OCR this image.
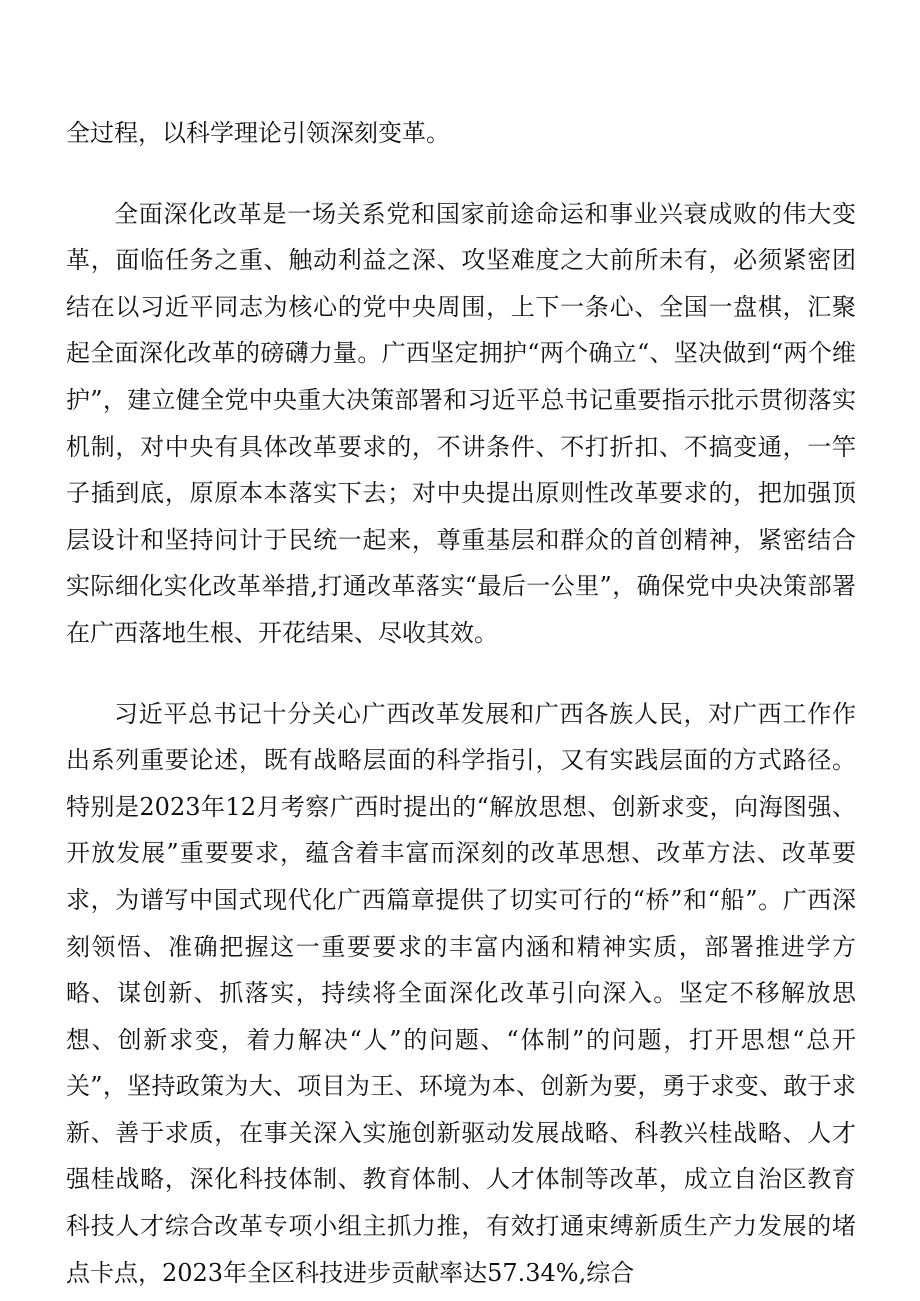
全过程，以科学理论引领深刻变革。

全面深化改革是一场关系党和国家前途命运和事业兴衰成败的伟大变革，面临任务之重、触动利益之深、攻坚难度之大前所未有，必须紧密团结在以习近平同志为核心的党中央周围，上下一条心、全国一盘棋，汇聚起全面深化改革的磅礴力量。广西坚定拥护“两个确立“、坚决做到“两个维护”，建立健全党中央重大决策部署和习近平总书记重要指示批示贯彻落实机制，对中央有具体改革要求的，不讲条件、不打折扣、不搞变通，一竿子插到底，原原本本落实下去；对中央提出原则性改革要求的，把加强顶层设计和坚持问计于民统一起来，尊重基层和群众的首创精神，紧密结合实际细化实化改革举措,打通改革落实“最后一公里”，确保党中央决策部署在广西落地生根、开花结果、尽收其效。

习近平总书记十分关心广西改革发展和广西各族人民，对广西工作作出系列重要论述，既有战略层面的科学指引，又有实践层面的方式路径。特别是2023年12月考察广西时提出的“解放思想、创新求变，向海图强、开放发展”重要要求，蕴含着丰富而深刻的改革思想、改革方法、改革要求，为谱写中国式现代化广西篇章提供了切实可行的“桥”和“船”。广西深刻领悟、准确把握这一重要要求的丰富内涵和精神实质，部署推进学方略、谋创新、抓落实，持续将全面深化改革引向深入。坚定不移解放思想、创新求变，着力解决“人”的问题、“体制”的问题，打开思想“总开关”，坚持政策为大、项目为王、环境为本、创新为要，勇于求变、敢于求新、善于求质，在事关深入实施创新驱动发展战略、科教兴桂战略、人才强桂战略，深化科技体制、教育体制、人才体制等改革，成立自治区教育科技人才综合改革专项小组主抓力推，有效打通束缚新质生产力发展的堵点卡点，2023年全区科技进步贡献率达57.34%,综合
